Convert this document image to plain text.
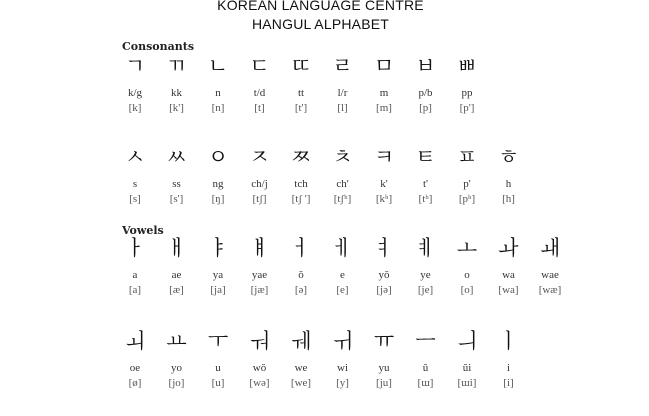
KOREAN LANGUAGE CENTRE
HANGUL ALPHABET
Consonants
Vowels
ㄱ
k/g
[k]
ㄲ
kk
[k']
ㄴ
n
[n]
ㄷ
t/d
[t]
ㄸ
tt
[t']
ㄹ
l/r
[l]
ㅁ
m
[m]
ㅂ
p/b
[p]
ㅃ
pp
[p']
ㅅ
s
[s]
ㅆ
ss
[s']
ㅇ
ng
[ŋ]
ㅈ
ch/j
[tʃ]
ㅉ
tch
[tʃ ']
ㅊ
ch'
[tʃʰ]
ㅋ
k'
[kʰ]
ㅌ
t'
[tʰ]
ㅍ
p'
[pʰ]
ㅎ
h
[h]
ㅏ
a
[a]
ㅐ
ae
[æ]
ㅑ
ya
[ja]
ㅒ
yae
[jæ]
ㅓ
ŏ
[ə]
ㅔ
e
[e]
ㅕ
yŏ
[jə]
ㅖ
ye
[je]
ㅗ
o
[o]
ㅘ
wa
[wa]
ㅙ
wae
[wæ]
ㅚ
oe
[ø]
ㅛ
yo
[jo]
ㅜ
u
[u]
ㅝ
wŏ
[wə]
ㅞ
we
[we]
ㅟ
wi
[y]
ㅠ
yu
[ju]
ㅡ
ŭ
[ɯ]
ㅢ
ŭi
[ɯi]
ㅣ
i
[i]
